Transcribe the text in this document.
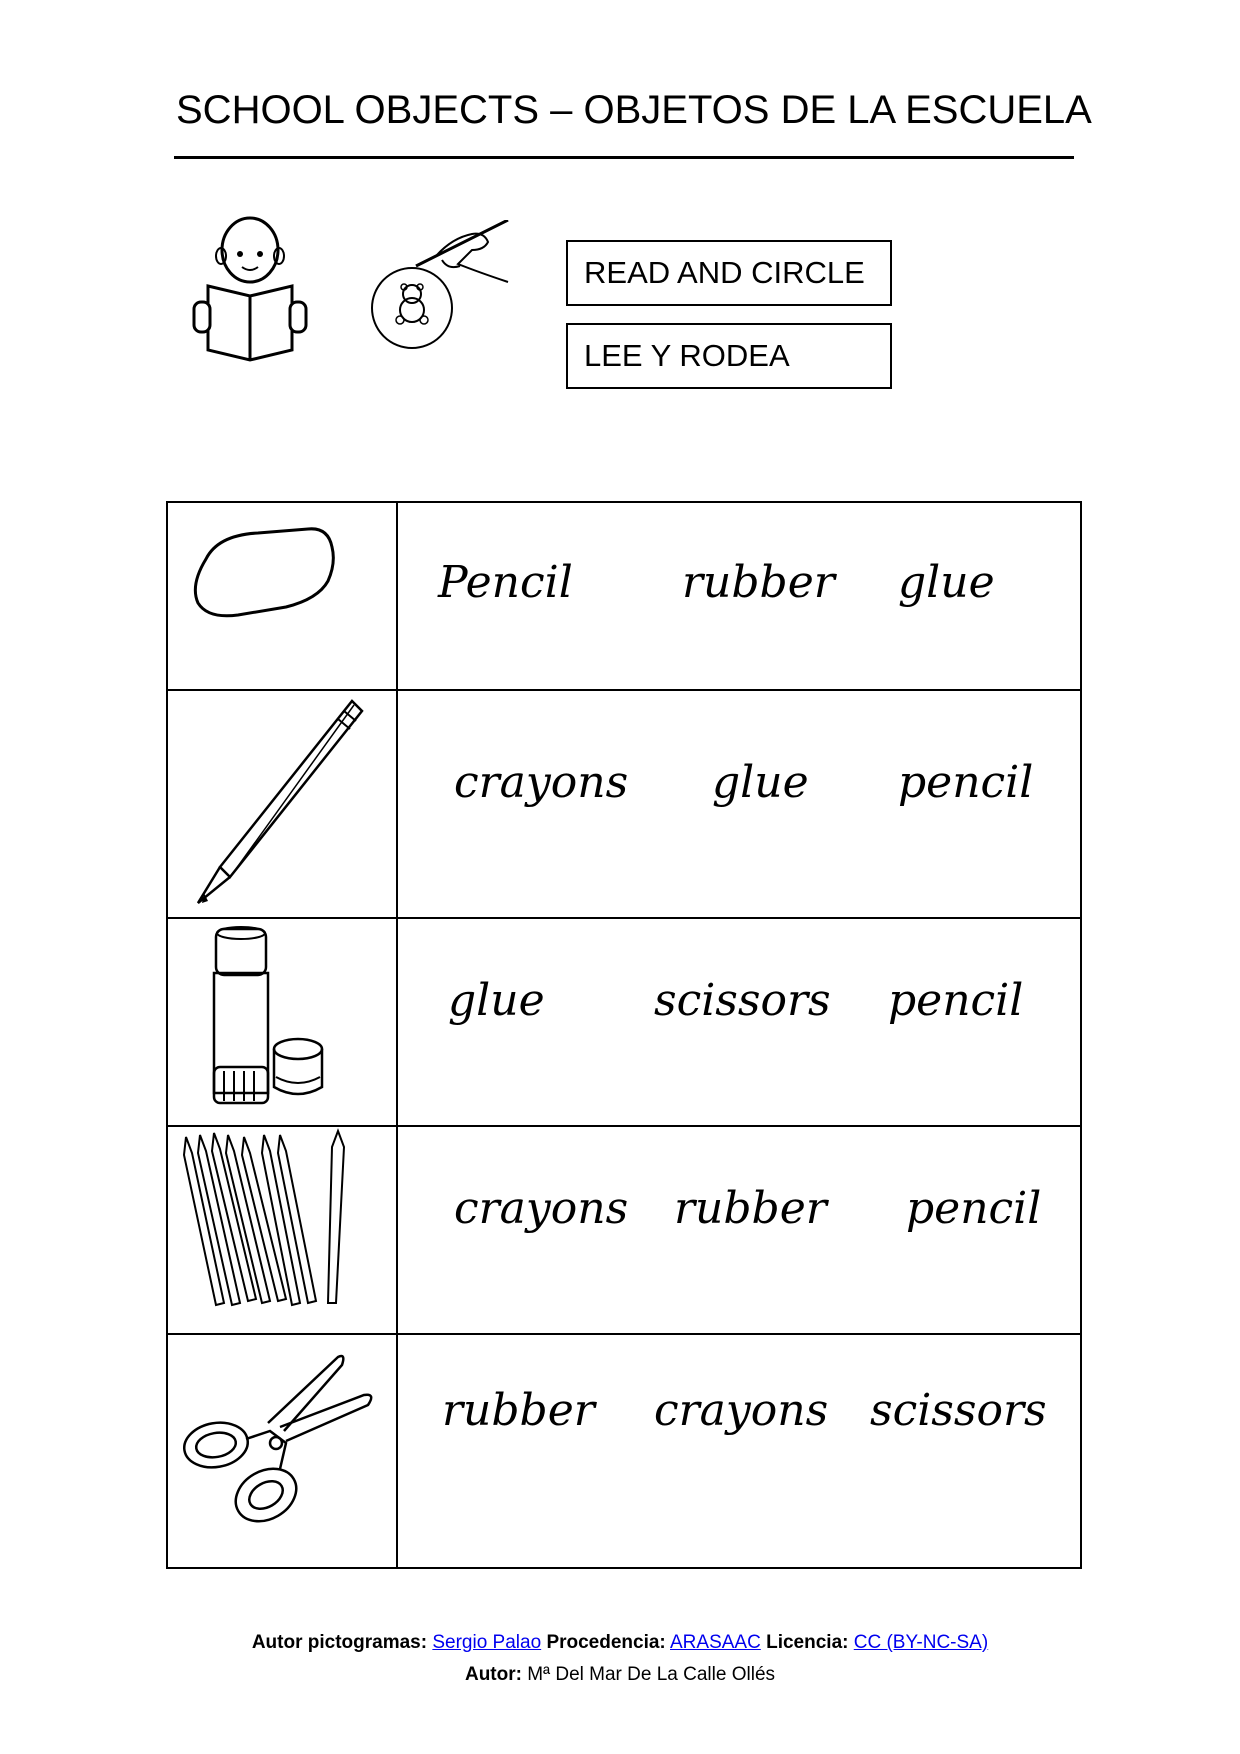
SCHOOL OBJECTS – OBJETOS DE LA ESCUELA
READ AND CIRCLE
LEE Y RODEA
Pencil rubber glue
crayons glue pencil
glue scissors pencil
crayons rubber pencil
rubber crayons scissors
Autor pictogramas: Sergio Palao Procedencia: ARASAAC Licencia: CC (BY-NC-SA)
Autor: Mª Del Mar De La Calle Ollés
